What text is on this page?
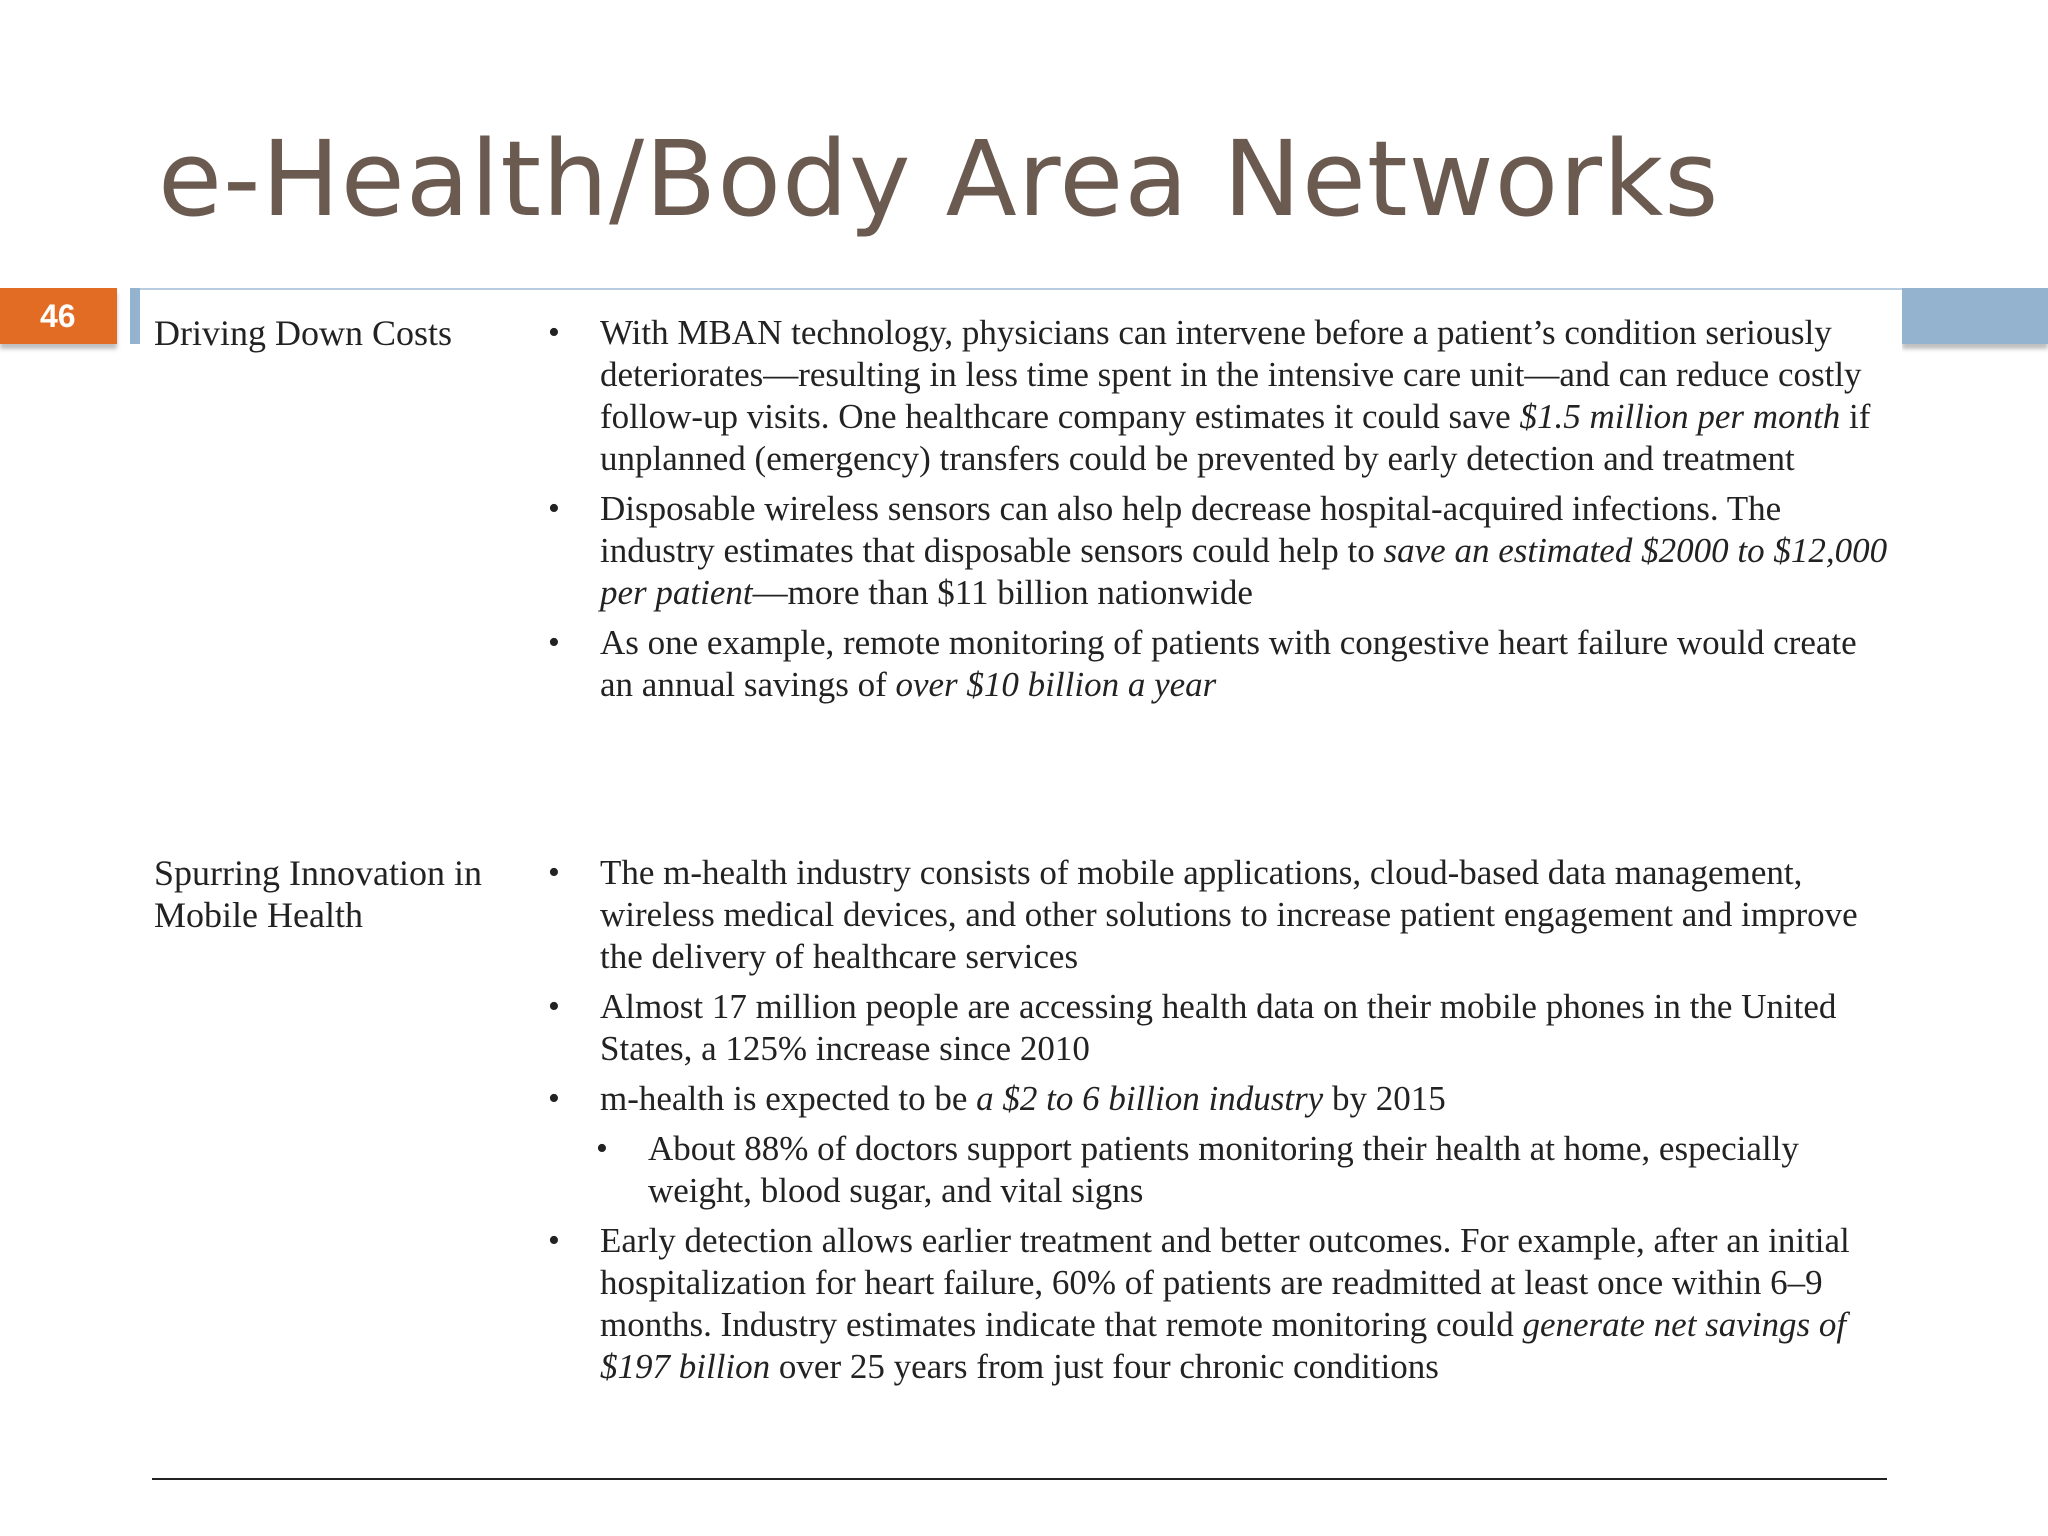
e-Health/Body Area Networks
46	Driving Down Costs
•	With MBAN technology, physicians can intervene before a patient’s condition seriously deteriorates—resulting in less time spent in the intensive care unit—and can reduce costly follow-up visits. One healthcare company estimates it could save $1.5 million per month if unplanned (emergency) transfers could be prevented by early detection and treatment
• Disposable wireless sensors can also help decrease hospital-acquired infections. The industry estimates that disposable sensors could help to save an estimated $2000 to $12,000 per patient—more than $11 billion nationwide
• As one example, remote monitoring of patients with congestive heart failure would create an annual savings of over $10 billion a year
Spurring Innovation in Mobile Health
• The m-health industry consists of mobile applications, cloud-based data management, wireless medical devices, and other solutions to increase patient engagement and improve the delivery of healthcare services
• Almost 17 million people are accessing health data on their mobile phones in the United States, a 125% increase since 2010
• m-health is expected to be a $2 to 6 billion industry by 2015
• About 88% of doctors support patients monitoring their health at home, especially weight, blood sugar, and vital signs
• Early detection allows earlier treatment and better outcomes. For example, after an initial hospitalization for heart failure, 60% of patients are readmitted at least once within 6–9 months. Industry estimates indicate that remote monitoring could generate net savings of $197 billion over 25 years from just four chronic conditions
